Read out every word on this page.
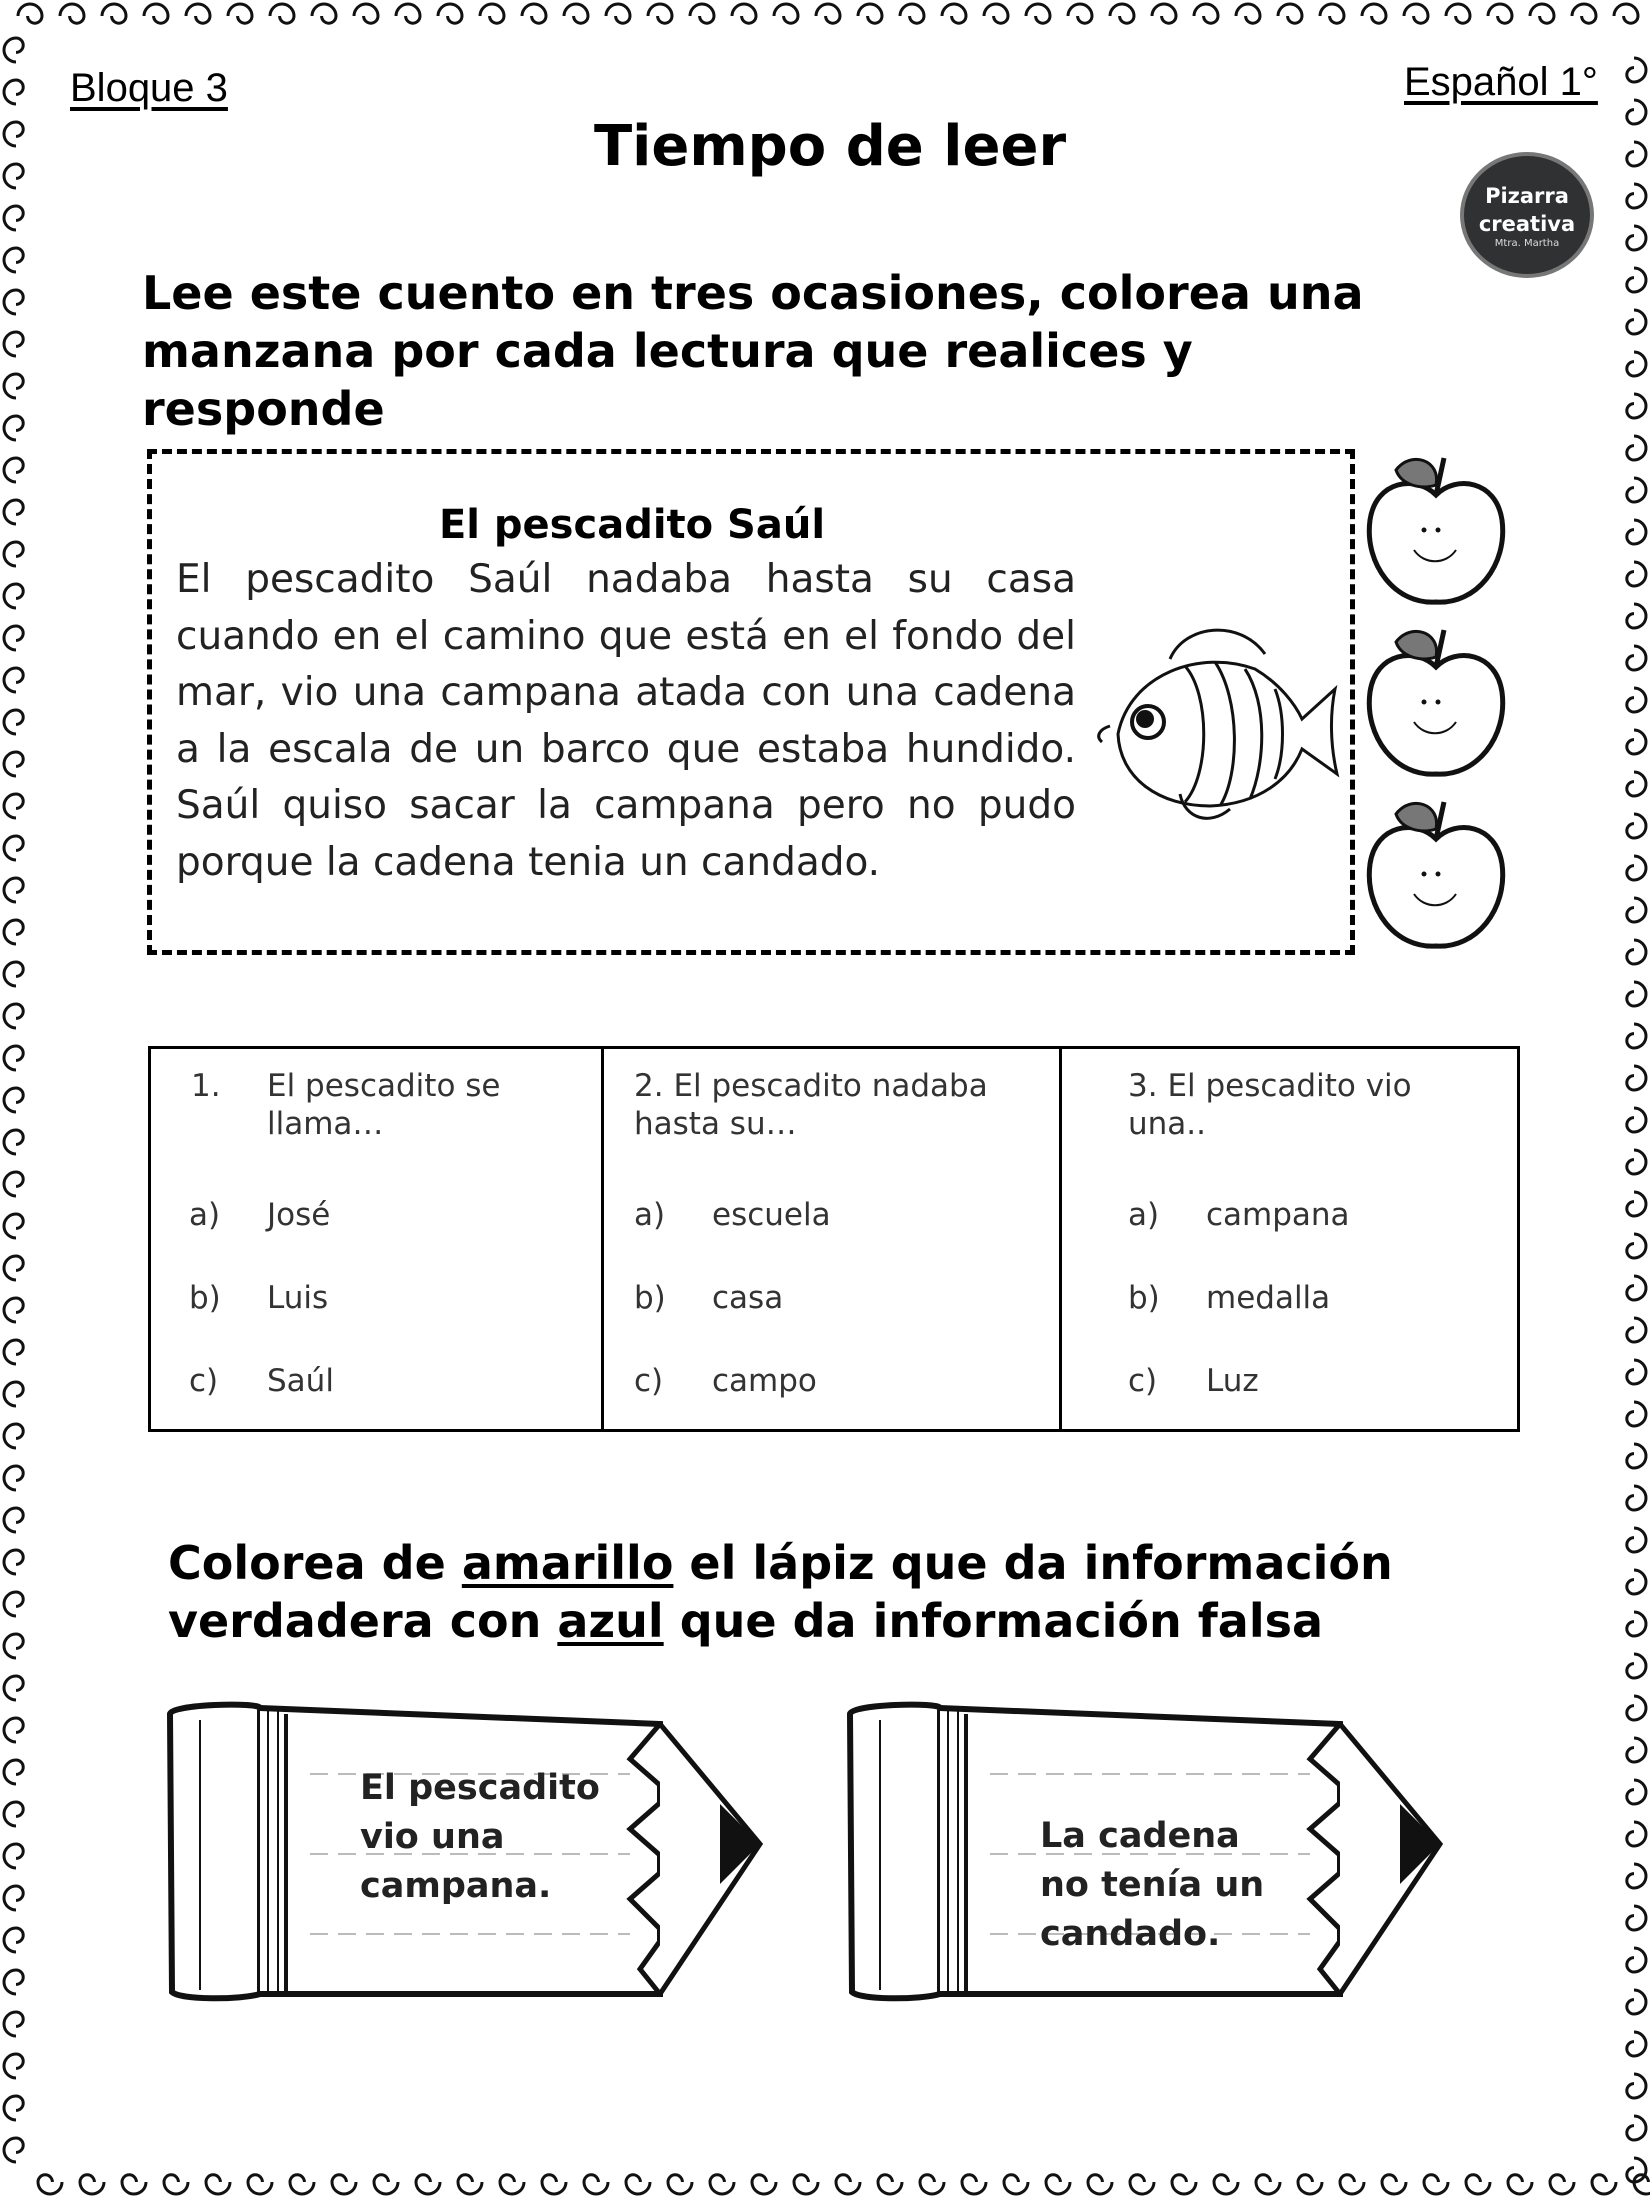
Bloque 3	Español 1°
Tiempo de leer
Pizarra
creativa
Mtra. Martha
Lee este cuento en tres ocasiones, colorea una
manzana por cada lectura que realices y responde
El pescadito Saúl
El pescadito Saúl nadaba hasta su casa cuando en el camino que está en el fondo del mar, vio una campana atada con una cadena a la escala de un barco que estaba hundido. Saúl quiso sacar la campana pero no pudo porque la cadena tenia un candado.
1. El pescadito se
llama…
a) José
b) Luis
c) Saúl

2. El pescadito nadaba
hasta su…
a) escuela
b) casa
c) campo

3. El pescadito vio
una..
a) campana
b) medalla
c) Luz
Colorea de amarillo el lápiz que da información
verdadera con azul que da información falsa
El pescadito
vio una
campana.
La cadena
no tenía un
candado.
